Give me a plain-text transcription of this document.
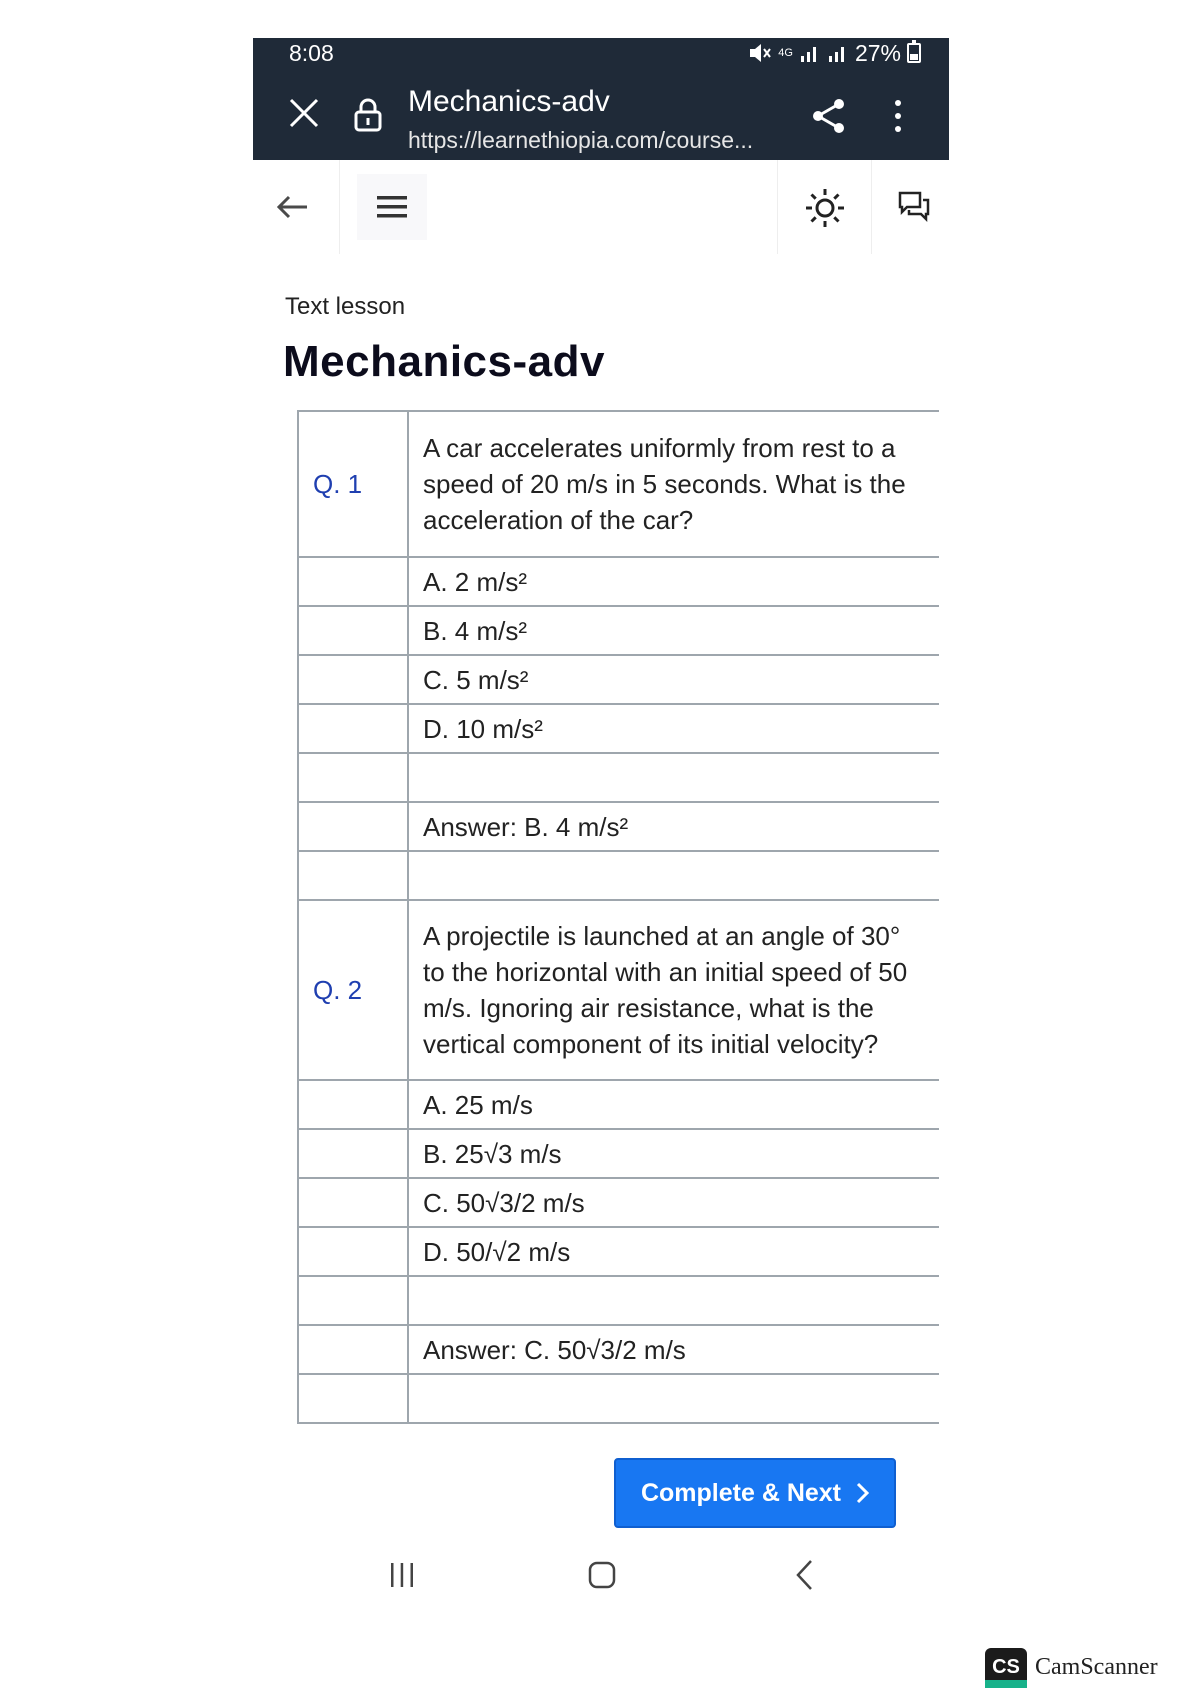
8:08	4G	27%
Mechanics-adv
https://learnethiopia.com/course...
Text lesson
Mechanics-adv
Q. 1	A car accelerates uniformly from rest to a speed of 20 m/s in 5 seconds. What is the acceleration of the car?
	A. 2 m/s²
	B. 4 m/s²
	C. 5 m/s²
	D. 10 m/s²

	Answer: B. 4 m/s²

Q. 2	A projectile is launched at an angle of 30° to the horizontal with an initial speed of 50 m/s. Ignoring air resistance, what is the vertical component of its initial velocity?
	A. 25 m/s
	B. 25√3 m/s
	C. 50√3/2 m/s
	D. 50/√2 m/s

	Answer: C. 50√3/2 m/s

Complete & Next
CS CamScanner
